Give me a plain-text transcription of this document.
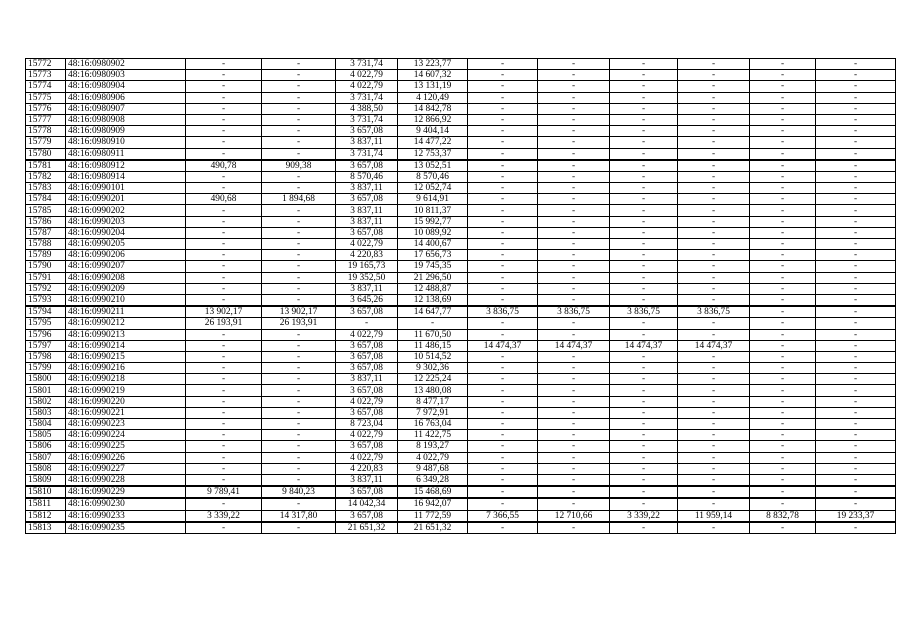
15772	48:16:0980902	-	-	3 731,74	13 223,77	-	-	-	-	-	-
15773	48:16:0980903	-	-	4 022,79	14 607,32	-	-	-	-	-	-
15774	48:16:0980904	-	-	4 022,79	13 131,19	-	-	-	-	-	-
15775	48:16:0980906	-	-	3 731,74	4 120,49	-	-	-	-	-	-
15776	48:16:0980907	-	-	4 388,50	14 842,78	-	-	-	-	-	-
15777	48:16:0980908	-	-	3 731,74	12 866,92	-	-	-	-	-	-
15778	48:16:0980909	-	-	3 657,08	9 404,14	-	-	-	-	-	-
15779	48:16:0980910	-	-	3 837,11	14 477,22	-	-	-	-	-	-
15780	48:16:0980911	-	-	3 731,74	12 753,37	-	-	-	-	-	-
15781	48:16:0980912	490,78	909,38	3 657,08	13 052,51	-	-	-	-	-	-
15782	48:16:0980914	-	-	8 570,46	8 570,46	-	-	-	-	-	-
15783	48:16:0990101	-	-	3 837,11	12 052,74	-	-	-	-	-	-
15784	48:16:0990201	490,68	1 894,68	3 657,08	9 614,91	-	-	-	-	-	-
15785	48:16:0990202	-	-	3 837,11	10 811,37	-	-	-	-	-	-
15786	48:16:0990203	-	-	3 837,11	15 992,77	-	-	-	-	-	-
15787	48:16:0990204	-	-	3 657,08	10 089,92	-	-	-	-	-	-
15788	48:16:0990205	-	-	4 022,79	14 400,67	-	-	-	-	-	-
15789	48:16:0990206	-	-	4 220,83	17 656,73	-	-	-	-	-	-
15790	48:16:0990207	-	-	19 165,73	19 745,35	-	-	-	-	-	-
15791	48:16:0990208	-	-	19 352,50	21 296,50	-	-	-	-	-	-
15792	48:16:0990209	-	-	3 837,11	12 488,87	-	-	-	-	-	-
15793	48:16:0990210	-	-	3 645,26	12 138,69	-	-	-	-	-	-
15794	48:16:0990211	13 902,17	13 902,17	3 657,08	14 647,77	3 836,75	3 836,75	3 836,75	3 836,75	-	-
15795	48:16:0990212	26 193,91	26 193,91	-	-	-	-	-	-	-	-
15796	48:16:0990213	-	-	4 022,79	11 670,50	-	-	-	-	-	-
15797	48:16:0990214	-	-	3 657,08	11 486,15	14 474,37	14 474,37	14 474,37	14 474,37	-	-
15798	48:16:0990215	-	-	3 657,08	10 514,52	-	-	-	-	-	-
15799	48:16:0990216	-	-	3 657,08	9 302,36	-	-	-	-	-	-
15800	48:16:0990218	-	-	3 837,11	12 225,24	-	-	-	-	-	-
15801	48:16:0990219	-	-	3 657,08	13 480,08	-	-	-	-	-	-
15802	48:16:0990220	-	-	4 022,79	8 477,17	-	-	-	-	-	-
15803	48:16:0990221	-	-	3 657,08	7 972,91	-	-	-	-	-	-
15804	48:16:0990223	-	-	8 723,04	16 763,04	-	-	-	-	-	-
15805	48:16:0990224	-	-	4 022,79	11 422,75	-	-	-	-	-	-
15806	48:16:0990225	-	-	3 657,08	8 193,27	-	-	-	-	-	-
15807	48:16:0990226	-	-	4 022,79	4 022,79	-	-	-	-	-	-
15808	48:16:0990227	-	-	4 220,83	9 487,68	-	-	-	-	-	-
15809	48:16:0990228	-	-	3 837,11	6 349,28	-	-	-	-	-	-
15810	48:16:0990229	9 789,41	9 840,23	3 657,08	15 468,69	-	-	-	-	-	-
15811	48:16:0990230	-	-	14 042,34	16 942,07	-	-	-	-	-	-
15812	48:16:0990233	3 339,22	14 317,80	3 657,08	11 772,59	7 366,55	12 710,66	3 339,22	11 959,14	8 832,78	19 233,37
15813	48:16:0990235	-	-	21 651,32	21 651,32	-	-	-	-	-	-
